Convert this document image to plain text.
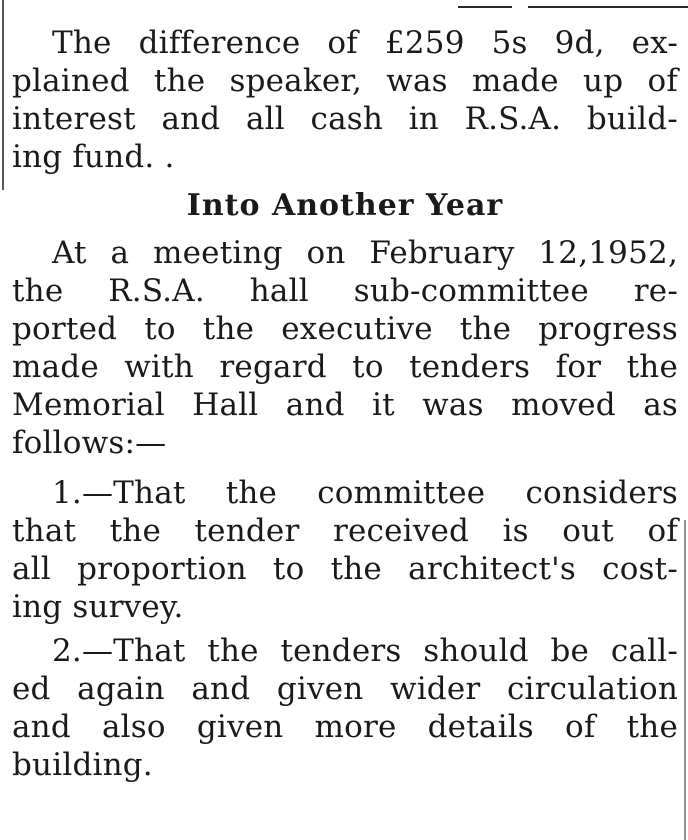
The difference of £259 5s 9d, ex-
plained the speaker, was made up of
interest and all cash in R.S.A. build-
ing fund. .

Into Another Year

At a meeting on February 12,1952,
the R.S.A. hall sub-committee re-
ported to the executive the progress
made with regard to tenders for the
Memorial Hall and it was moved as
follows:—

1.—That the committee considers
that the tender received is out of
all proportion to the architect's cost-
ing survey.

2.—That the tenders should be call-
ed again and given wider circulation
and also given more details of the
building.
